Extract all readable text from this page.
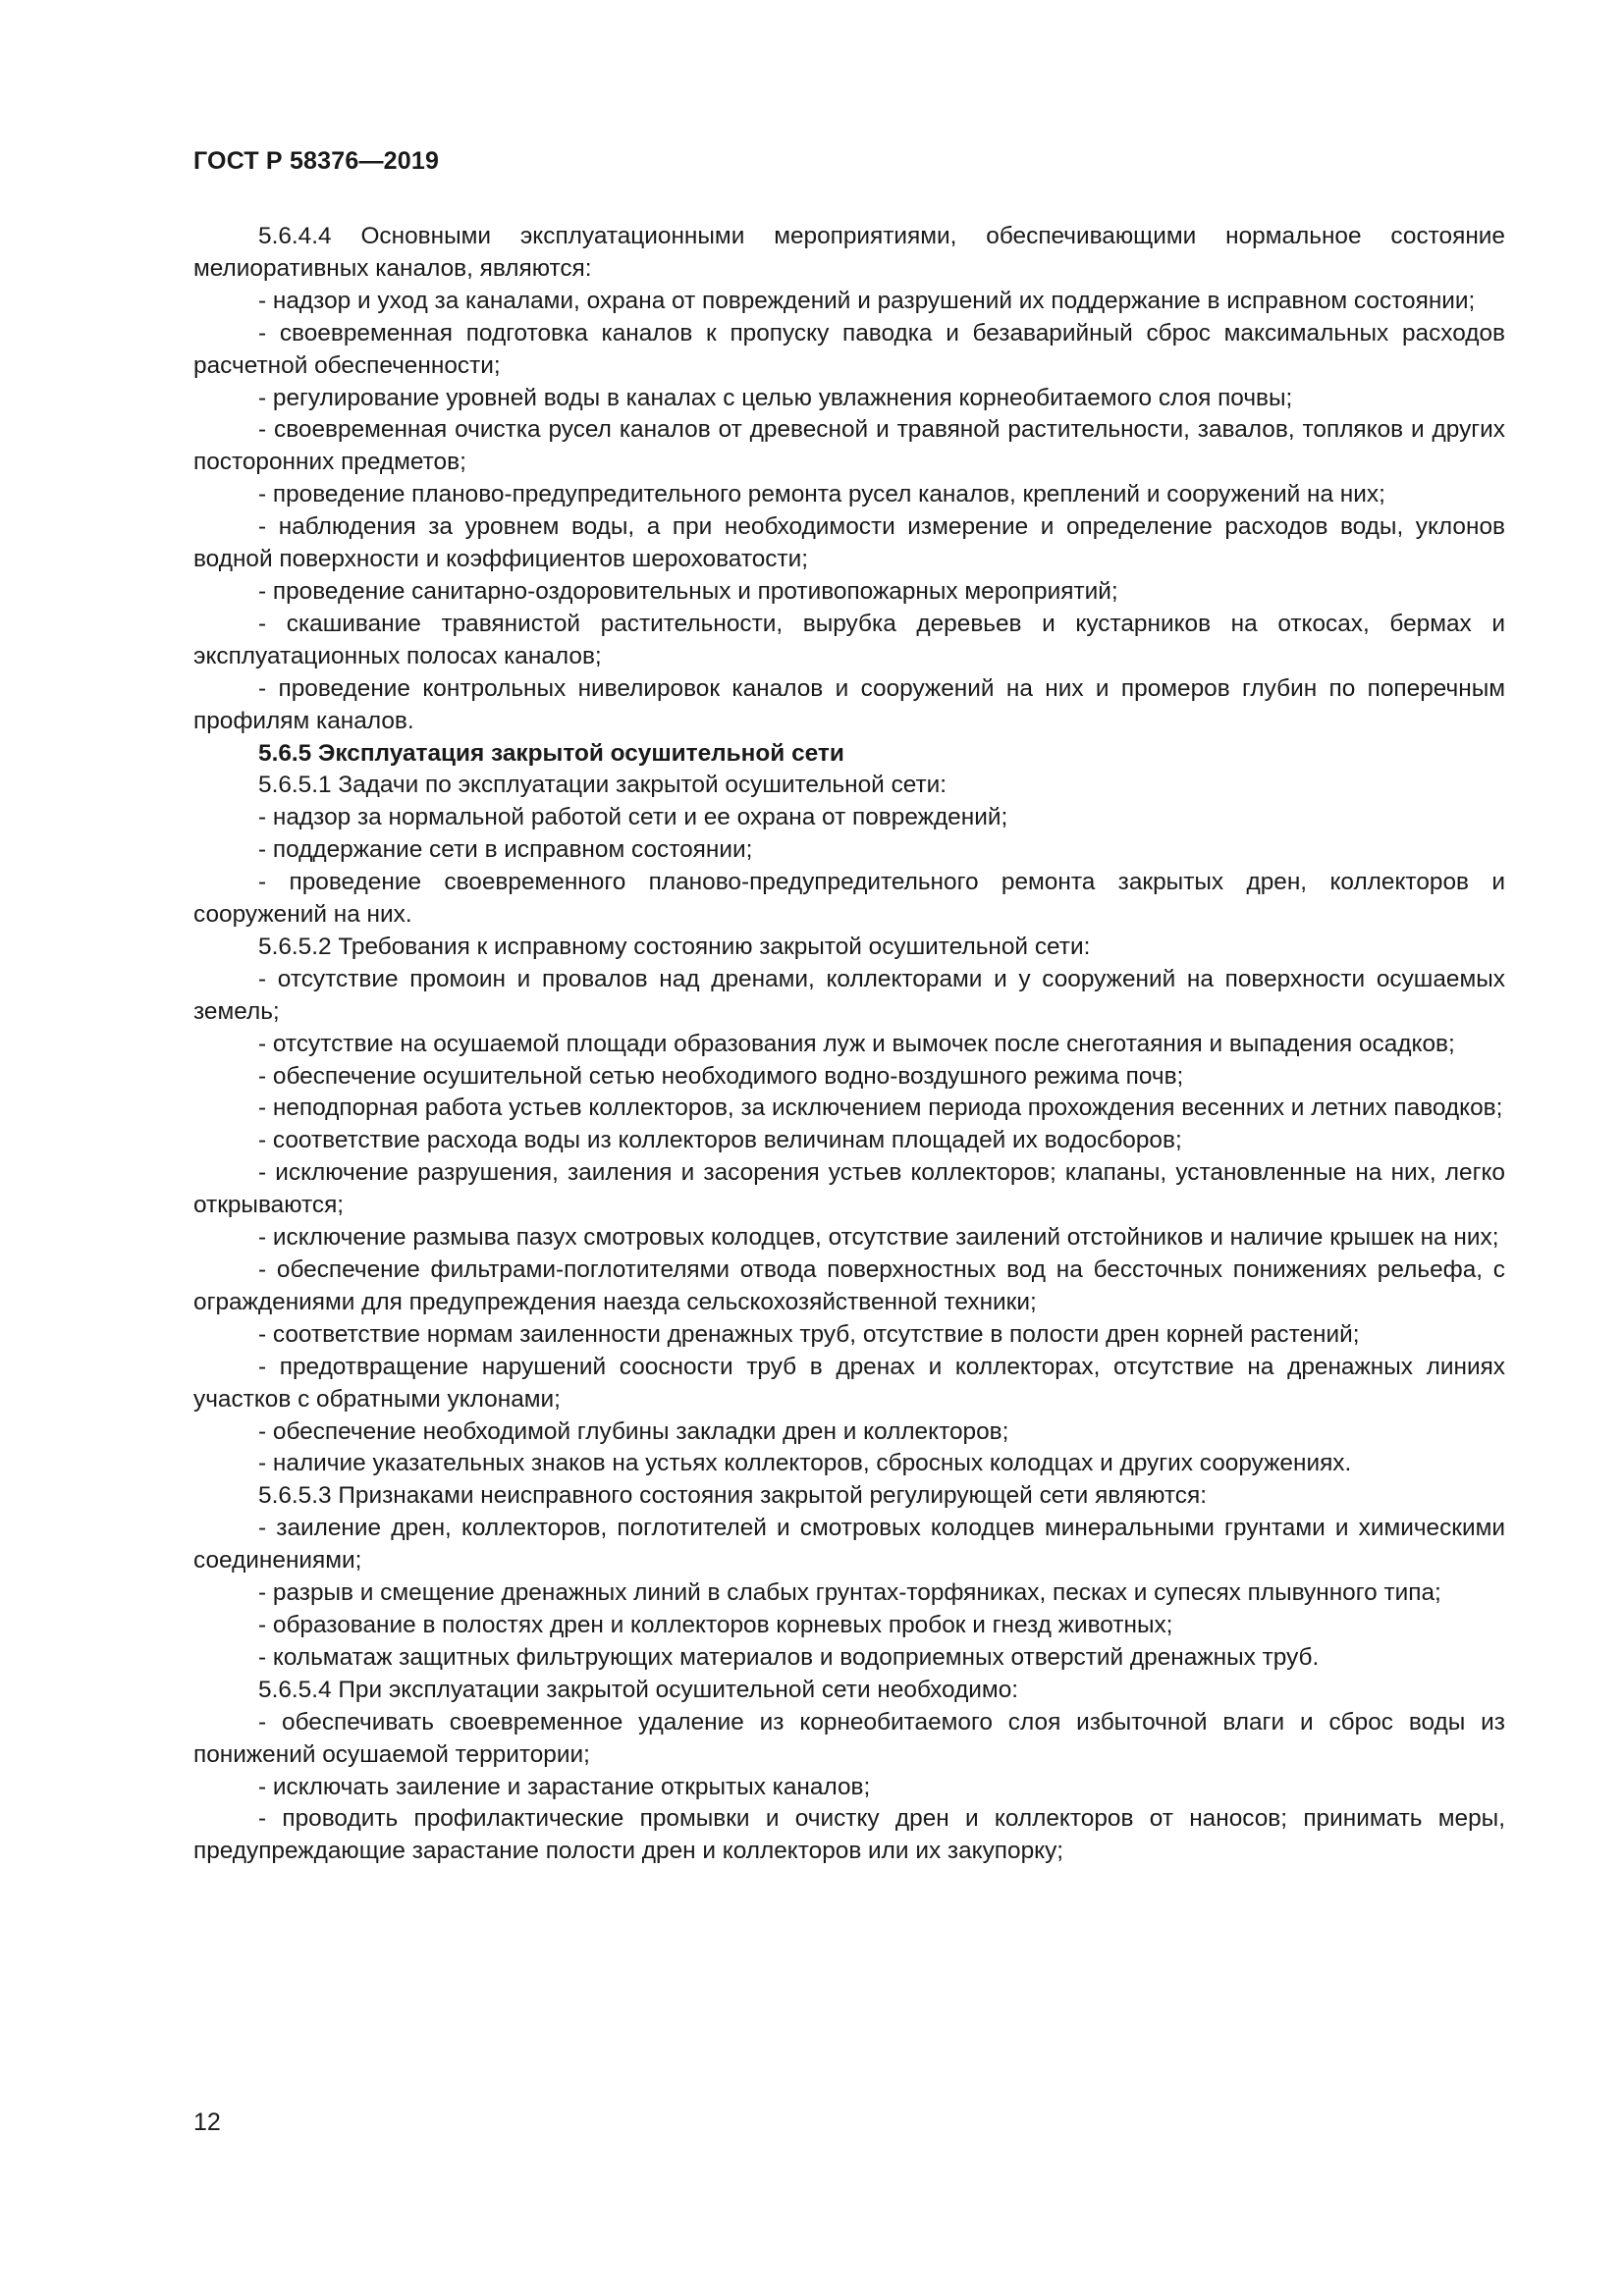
ГОСТ Р 58376—2019

5.6.4.4 Основными эксплуатационными мероприятиями, обеспечивающими нормальное состояние мелиоративных каналов, являются:

- надзор и уход за каналами, охрана от повреждений и разрушений их поддержание в исправном состоянии;

- своевременная подготовка каналов к пропуску паводка и безаварийный сброс максимальных расходов расчетной обеспеченности;

- регулирование уровней воды в каналах с целью увлажнения корнеобитаемого слоя почвы;

- своевременная очистка русел каналов от древесной и травяной растительности, завалов, топляков и других посторонних предметов;

- проведение планово-предупредительного ремонта русел каналов, креплений и сооружений на них;

- наблюдения за уровнем воды, а при необходимости измерение и определение расходов воды, уклонов водной поверхности и коэффициентов шероховатости;

- проведение санитарно-оздоровительных и противопожарных мероприятий;

- скашивание травянистой растительности, вырубка деревьев и кустарников на откосах, бермах и эксплуатационных полосах каналов;

- проведение контрольных нивелировок каналов и сооружений на них и промеров глубин по поперечным профилям каналов.

5.6.5 Эксплуатация закрытой осушительной сети

5.6.5.1 Задачи по эксплуатации закрытой осушительной сети:

- надзор за нормальной работой сети и ее охрана от повреждений;

- поддержание сети в исправном состоянии;

- проведение своевременного планово-предупредительного ремонта закрытых дрен, коллекторов и сооружений на них.

5.6.5.2 Требования к исправному состоянию закрытой осушительной сети:

- отсутствие промоин и провалов над дренами, коллекторами и у сооружений на поверхности осушаемых земель;

- отсутствие на осушаемой площади образования луж и вымочек после снеготаяния и выпадения осадков;

- обеспечение осушительной сетью необходимого водно-воздушного режима почв;

- неподпорная работа устьев коллекторов, за исключением периода прохождения весенних и летних паводков;

- соответствие расхода воды из коллекторов величинам площадей их водосборов;

- исключение разрушения, заиления и засорения устьев коллекторов; клапаны, установленные на них, легко открываются;

- исключение размыва пазух смотровых колодцев, отсутствие заилений отстойников и наличие крышек на них;

- обеспечение фильтрами-поглотителями отвода поверхностных вод на бессточных понижениях рельефа, с ограждениями для предупреждения наезда сельскохозяйственной техники;

- соответствие нормам заиленности дренажных труб, отсутствие в полости дрен корней растений;

- предотвращение нарушений соосности труб в дренах и коллекторах, отсутствие на дренажных линиях участков с обратными уклонами;

- обеспечение необходимой глубины закладки дрен и коллекторов;

- наличие указательных знаков на устьях коллекторов, сбросных колодцах и других сооружениях.

5.6.5.3 Признаками неисправного состояния закрытой регулирующей сети являются:

- заиление дрен, коллекторов, поглотителей и смотровых колодцев минеральными грунтами и химическими соединениями;

- разрыв и смещение дренажных линий в слабых грунтах-торфяниках, песках и супесях плывунного типа;

- образование в полостях дрен и коллекторов корневых пробок и гнезд животных;

- кольматаж защитных фильтрующих материалов и водоприемных отверстий дренажных труб.

5.6.5.4 При эксплуатации закрытой осушительной сети необходимо:

- обеспечивать своевременное удаление из корнеобитаемого слоя избыточной влаги и сброс воды из понижений осушаемой территории;

- исключать заиление и зарастание открытых каналов;

- проводить профилактические промывки и очистку дрен и коллекторов от наносов; принимать меры, предупреждающие зарастание полости дрен и коллекторов или их закупорку;

12
